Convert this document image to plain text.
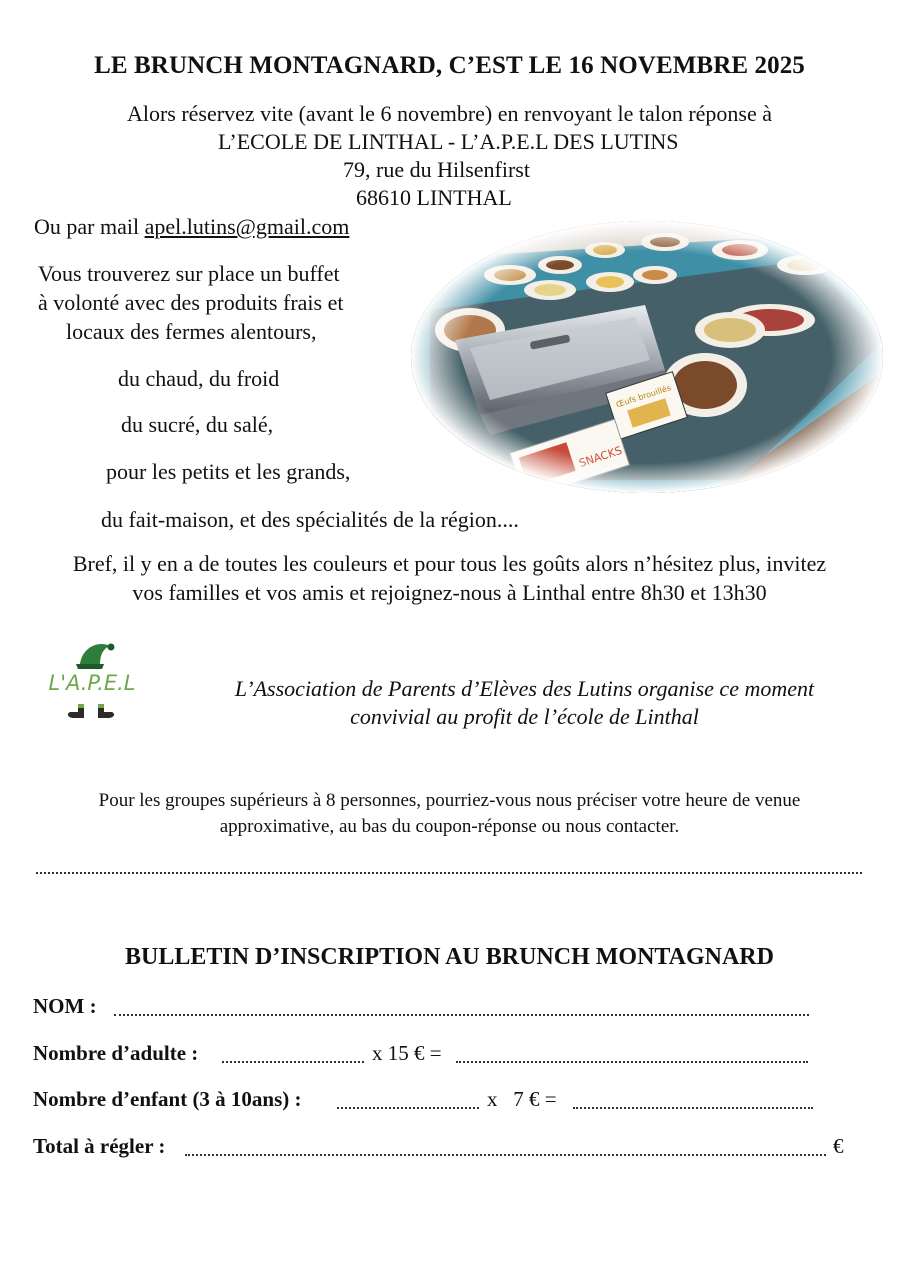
LE BRUNCH MONTAGNARD, C’EST LE 16 NOVEMBRE 2025
Alors réservez vite (avant le 6 novembre) en renvoyant le talon réponse à
L’ECOLE DE LINTHAL - L’A.P.E.L DES LUTINS
79, rue du Hilsenfirst
68610 LINTHAL
Ou par mail apel.lutins@gmail.com
Vous trouverez sur place un buffet
à volonté avec des produits frais et
locaux des fermes alentours,
du chaud, du froid
du sucré, du salé,
pour les petits et les grands,
du fait-maison, et des spécialités de la région....
Bref, il y en a de toutes les couleurs et pour tous les goûts alors n’hésitez plus, invitez
vos familles et vos amis et rejoignez-nous à Linthal entre 8h30 et 13h30
L'A.P.E.L	L’Association de Parents d’Elèves des Lutins organise ce moment
convivial au profit de l’école de Linthal
Pour les groupes supérieurs à 8 personnes, pourriez-vous nous préciser votre heure de venue
approximative, au bas du coupon-réponse ou nous contacter.
BULLETIN D’INSCRIPTION AU BRUNCH MONTAGNARD
NOM :
Nombre d’adulte :	x 15 € =
Nombre d’enfant (3 à 10ans) :	x   7 € =
Total à régler :	€
